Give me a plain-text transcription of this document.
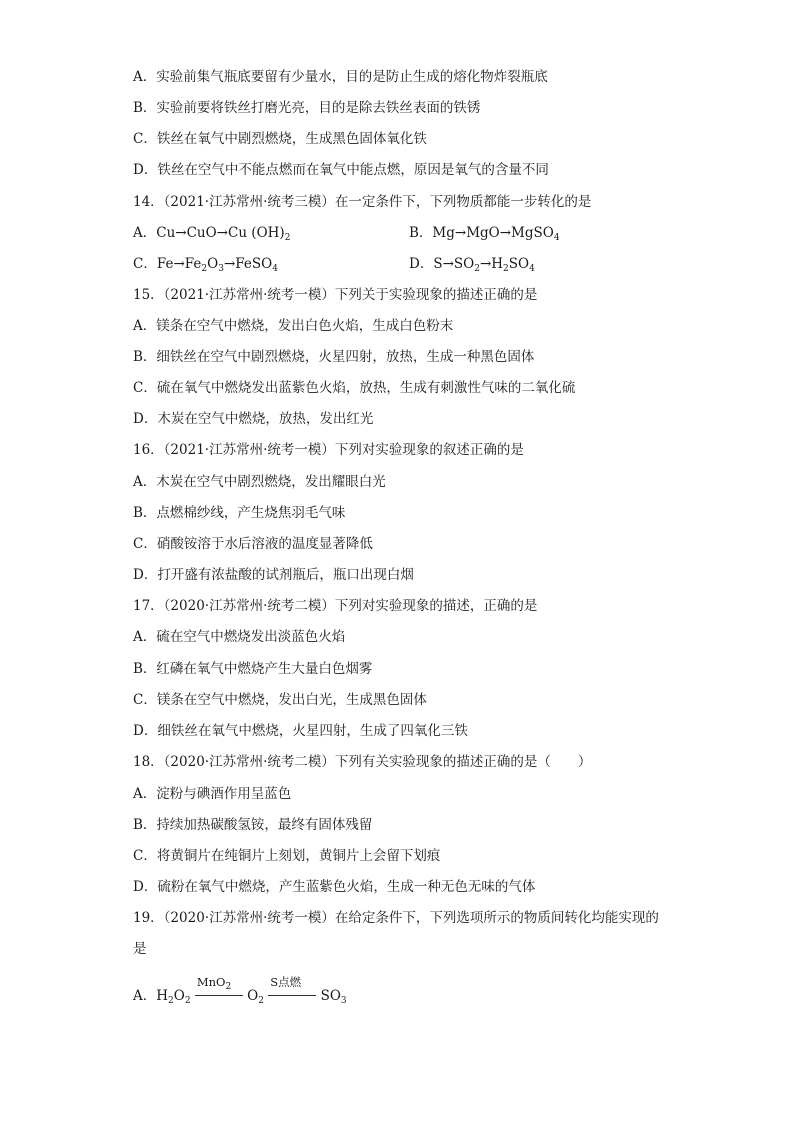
A．实验前集气瓶底要留有少量水，目的是防止生成的熔化物炸裂瓶底
B．实验前要将铁丝打磨光亮，目的是除去铁丝表面的铁锈
C．铁丝在氧气中剧烈燃烧，生成黑色固体氧化铁
D．铁丝在空气中不能点燃而在氧气中能点燃，原因是氧气的含量不同
14．（2021·江苏常州·统考三模）在一定条件下，下列物质都能一步转化的是
A．Cu→CuO→Cu $(OH)_2$	B．Mg→MgO→MgSO$_4$
C．$Fe\to Fe_2O_3\to FeSO_4$	D．$S\to SO_2\to H_2SO_4$
15．（2021·江苏常州·统考一模）下列关于实验现象的描述正确的是
A．镁条在空气中燃烧，发出白色火焰，生成白色粉末
B．细铁丝在空气中剧烈燃烧，火星四射，放热，生成一种黑色固体
C．硫在氧气中燃烧发出蓝紫色火焰，放热，生成有刺激性气味的二氧化硫
D．木炭在空气中燃烧，放热，发出红光
16．（2021·江苏常州·统考一模）下列对实验现象的叙述正确的是
A．木炭在空气中剧烈燃烧，发出耀眼白光
B．点燃棉纱线，产生烧焦羽毛气味
C．硝酸铵溶于水后溶液的温度显著降低
D．打开盛有浓盐酸的试剂瓶后，瓶口出现白烟
17．（2020·江苏常州·统考二模）下列对实验现象的描述，正确的是
A．硫在空气中燃烧发出淡蓝色火焰
B．红磷在氧气中燃烧产生大量白色烟雾
C．镁条在空气中燃烧，发出白光，生成黑色固体
D．细铁丝在氧气中燃烧，火星四射，生成了四氧化三铁
18．（2020·江苏常州·统考二模）下列有关实验现象的描述正确的是（　　）
A．淀粉与碘酒作用呈蓝色
B．持续加热碳酸氢铵，最终有固体残留
C．将黄铜片在纯铜片上刻划，黄铜片上会留下划痕
D．硫粉在氧气中燃烧，产生蓝紫色火焰，生成一种无色无味的气体
19．（2020·江苏常州·统考一模）在给定条件下，下列选项所示的物质间转化均能实现的
是
A．$H_2O_2$
MnO$_2$
$O_2$
S点燃
$SO_3$
